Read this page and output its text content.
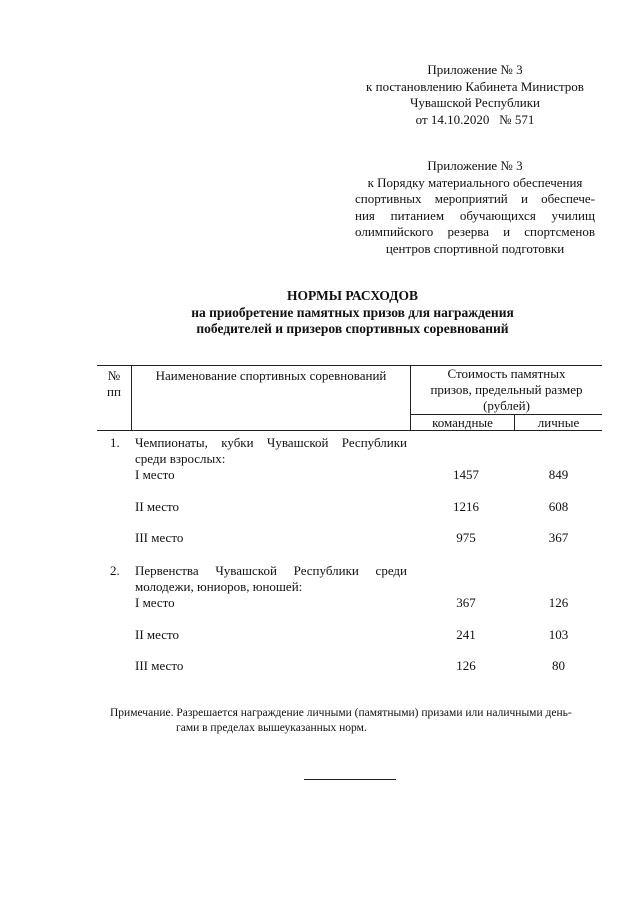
Приложение № 3
к постановлению Кабинета Министров
Чувашской Республики
от 14.10.2020   № 571
Приложение № 3
к Порядку материального обеспечения
спортивных мероприятий и обеспече-
ния питанием обучающихся училищ
олимпийского резерва и спортсменов
центров спортивной подготовки
НОРМЫ РАСХОДОВ
на приобретение памятных призов для награждения
победителей и призеров спортивных соревнований
№
пп
Наименование спортивных соревнований	Стоимость памятных
призов, предельный размер
(рублей)
командные	личные
1. Чемпионаты,  кубки  Чувашской  Республики
среди взрослых:
I место	1457	849
II место	1216	608
III место	975	367
2. Первенства  Чувашской  Республики  среди
молодежи, юниоров, юношей:
I место	367	126
II место	241	103
III место	126	80
Примечание. Разрешается награждение личными (памятными) призами или наличными день-
гами в пределах вышеуказанных норм.
